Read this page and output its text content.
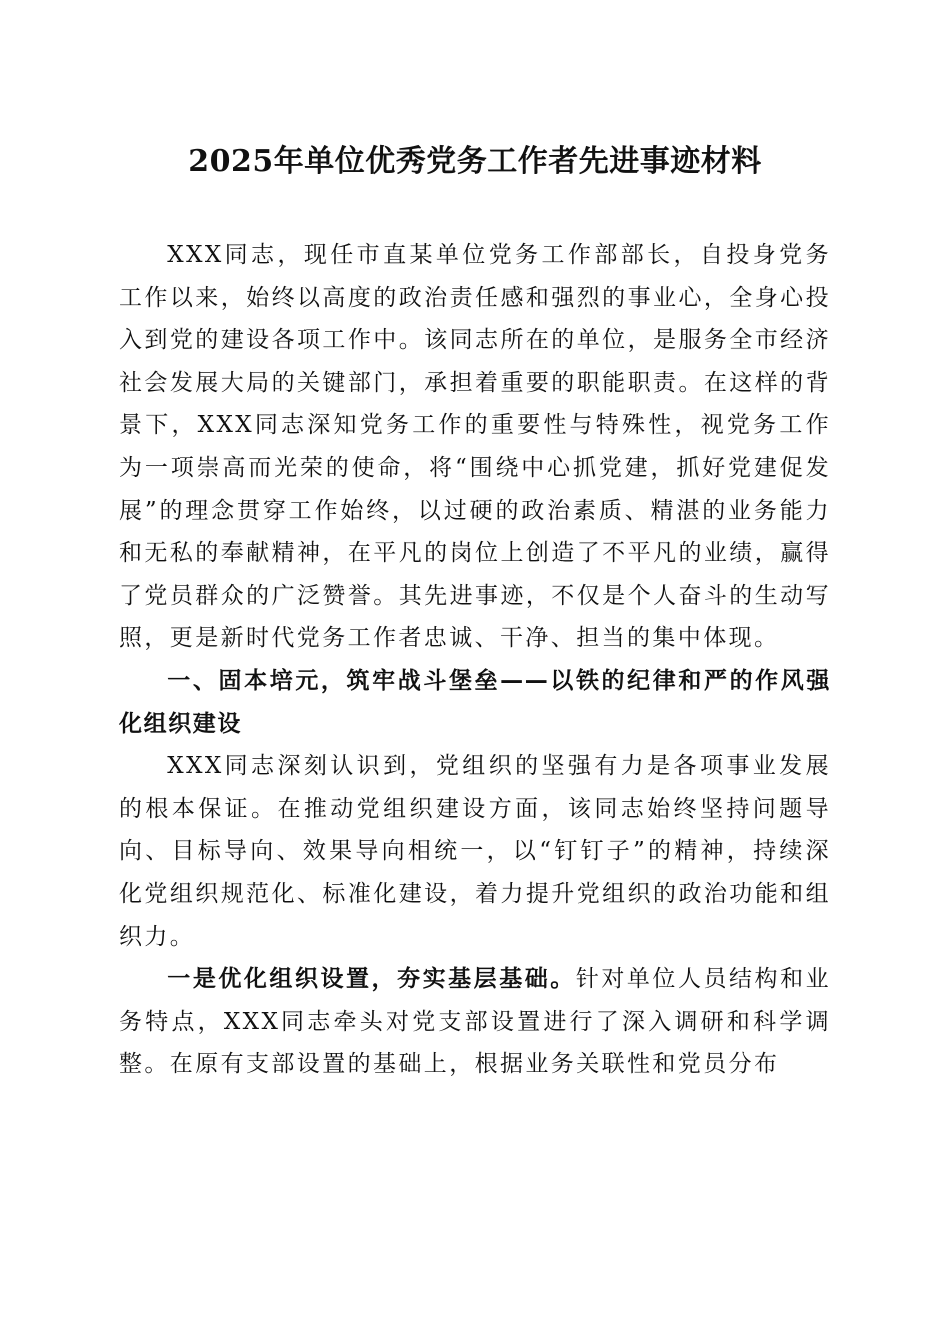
2025年单位优秀党务工作者先进事迹材料

XXX同志，现任市直某单位党务工作部部长，自投身党务工作以来，始终以高度的政治责任感和强烈的事业心，全身心投入到党的建设各项工作中。该同志所在的单位，是服务全市经济社会发展大局的关键部门，承担着重要的职能职责。在这样的背景下，XXX同志深知党务工作的重要性与特殊性，视党务工作为一项崇高而光荣的使命，将“围绕中心抓党建，抓好党建促发展”的理念贯穿工作始终，以过硬的政治素质、精湛的业务能力和无私的奉献精神，在平凡的岗位上创造了不平凡的业绩，赢得了党员群众的广泛赞誉。其先进事迹，不仅是个人奋斗的生动写照，更是新时代党务工作者忠诚、干净、担当的集中体现。

一、固本培元，筑牢战斗堡垒——以铁的纪律和严的作风强化组织建设

XXX同志深刻认识到，党组织的坚强有力是各项事业发展的根本保证。在推动党组织建设方面，该同志始终坚持问题导向、目标导向、效果导向相统一，以“钉钉子”的精神，持续深化党组织规范化、标准化建设，着力提升党组织的政治功能和组织力。

一是优化组织设置，夯实基层基础。针对单位人员结构和业务特点，XXX同志牵头对党支部设置进行了深入调研和科学调整。在原有支部设置的基础上，根据业务关联性和党员分布
